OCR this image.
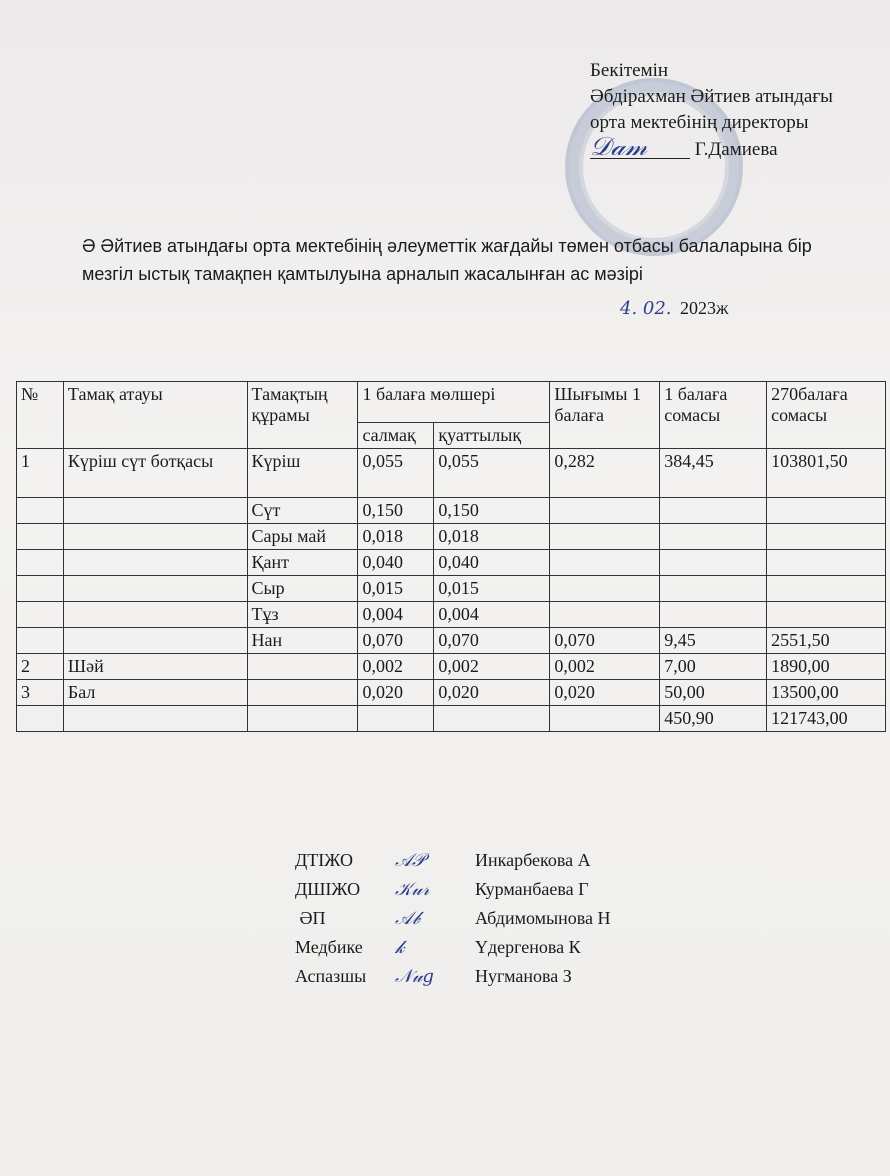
Бекітемін
Әбдірахман Әйтиев атындағы
орта мектебінің директоры
𝒟𝒶𝓂	Г.Дамиева
Ә Әйтиев атындағы орта мектебінің әлеуметтік жағдайы төмен отбасы балаларына бір мезгіл ыстық тамақпен қамтылуына арналып жасалынған ас мәзірі
4. 02. 2023ж
№	Тамақ атауы	Тамақтың құрамы	1 балаға мөлшері		Шығымы 1 балаға	1 балаға сомасы	270балаға сомасы
			салмақ	қуаттылық			
1	Күріш сүт ботқасы	Күріш	0,055	0,055	0,282	384,45	103801,50
		Сүт	0,150	0,150			
		Сары май	0,018	0,018			
		Қант	0,040	0,040			
		Сыр	0,015	0,015			
		Тұз	0,004	0,004			
		Нан	0,070	0,070	0,070	9,45	2551,50
2	Шәй		0,002	0,002	0,002	7,00	1890,00
3	Бал		0,020	0,020	0,020	50,00	13500,00
						450,90	121743,00
ДТІЖО	𝒜𝒫	Инкарбекова А
ДШІЖО	𝒦𝓊𝓇	Курманбаева Г
ӘП	𝒜𝒷	Абдимомынова Н
Медбике	𝓀	Үдергенова К
Аспазшы	𝒩𝓊𝑔	Нугманова З
